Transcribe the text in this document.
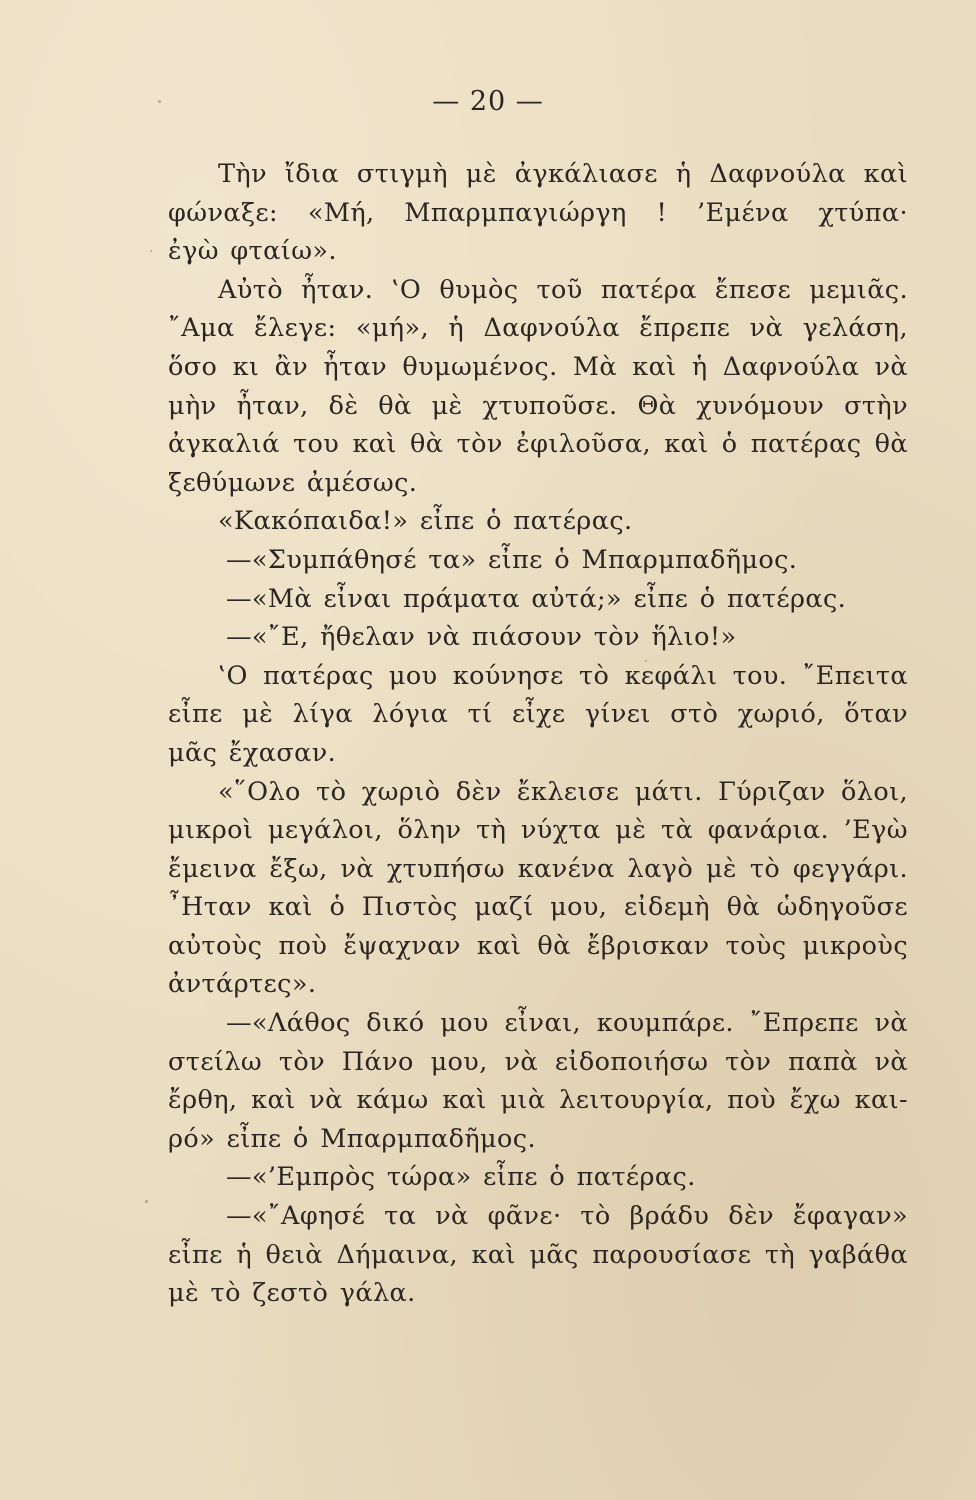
— 20 —
Τὴν ἴδια στιγμὴ μὲ ἀγκάλιασε ἡ Δαφνούλα καὶ
φώναξε: «Μή, Μπαρμπαγιώργη ! ’Εμένα χτύπα·
ἐγὼ φταίω».
Αὐτὸ ἦταν. ‛Ο θυμὸς τοῦ πατέρα ἔπεσε μεμιᾶς.
῎Αμα ἔλεγε: «μή», ἡ Δαφνούλα ἔπρεπε νὰ γελάση,
ὅσο κι ἂν ἦταν θυμωμένος. Μὰ καὶ ἡ Δαφνούλα νὰ
μὴν ἦταν, δὲ θὰ μὲ χτυποῦσε. Θὰ χυνόμουν στὴν
ἀγκαλιά του καὶ θὰ τὸν ἐφιλοῦσα, καὶ ὁ πατέρας θὰ
ξεθύμωνε ἀμέσως.
«Κακόπαιδα!» εἶπε ὁ πατέρας.
—«Συμπάθησέ τα» εἶπε ὁ Μπαρμπαδῆμος.
—«Μὰ εἶναι πράματα αὐτά;» εἶπε ὁ πατέρας.
—«῎Ε, ἤθελαν νὰ πιάσουν τὸν ἥλιο!»
‛Ο πατέρας μου κούνησε τὸ κεφάλι του. ῎Επειτα
εἶπε μὲ λίγα λόγια τί εἶχε γίνει στὸ χωριό, ὅταν
μᾶς ἔχασαν.
«῞Ολο τὸ χωριὸ δὲν ἔκλεισε μάτι. Γύριζαν ὅλοι,
μικροὶ μεγάλοι, ὅλην τὴ νύχτα μὲ τὰ φανάρια. ’Εγὼ
ἔμεινα ἔξω, νὰ χτυπήσω κανένα λαγὸ μὲ τὸ φεγγάρι.
῏Ηταν καὶ ὁ Πιστὸς μαζί μου, εἰδεμὴ θὰ ὡδηγοῦσε
αὐτοὺς ποὺ ἔψαχναν καὶ θὰ ἔβρισκαν τοὺς μικροὺς
ἀντάρτες».
—«Λάθος δικό μου εἶναι, κουμπάρε. ῎Επρεπε νὰ
στείλω τὸν Πάνο μου, νὰ εἰδοποιήσω τὸν παπὰ νὰ
ἔρθη, καὶ νὰ κάμω καὶ μιὰ λειτουργία, ποὺ ἔχω και-
ρό» εἶπε ὁ Μπαρμπαδῆμος.
—«’Εμπρὸς τώρα» εἶπε ὁ πατέρας.
—«῎Αφησέ τα νὰ φᾶνε· τὸ βράδυ δὲν ἔφαγαν»
εἶπε ἡ θειὰ Δήμαινα, καὶ μᾶς παρουσίασε τὴ γαβάθα
μὲ τὸ ζεστὸ γάλα.
